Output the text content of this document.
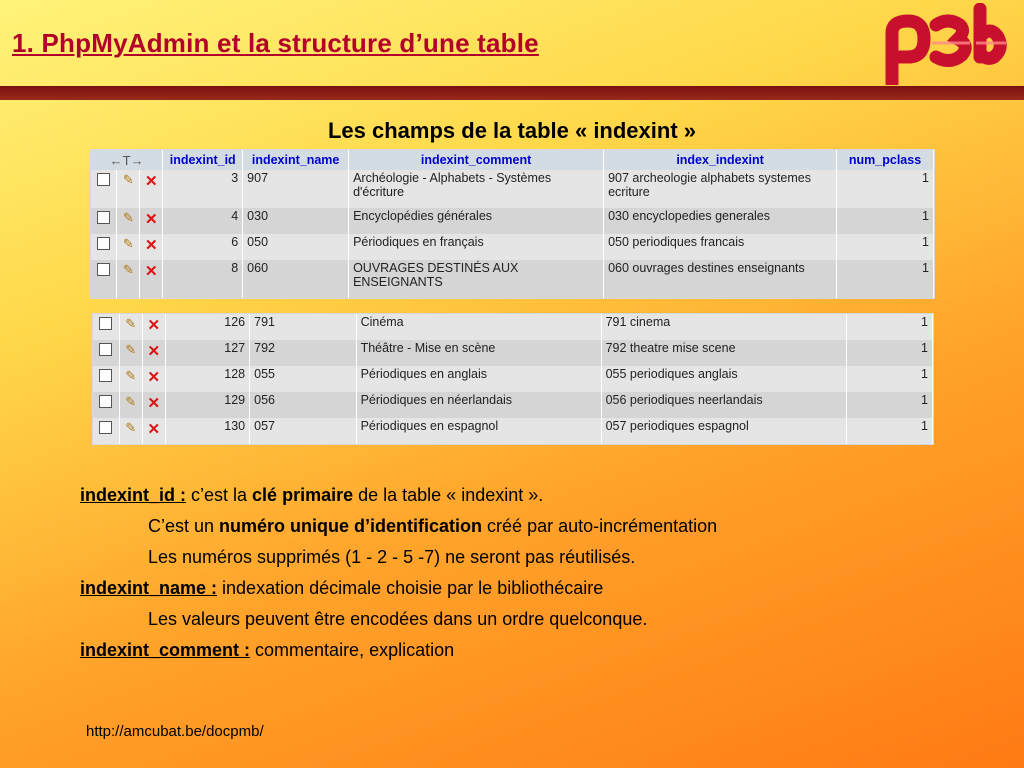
1. PhpMyAdmin et la structure d’une table
Les champs de la table « indexint »
←T→			indexint_id	indexint_name	indexint_comment	index_indexint	num_pclass
	✎	✕	3	907	Archéologie - Alphabets - Systèmes d'écriture	907 archeologie alphabets systemes ecriture	1
	✎	✕	4	030	Encyclopédies générales	030 encyclopedies generales	1
	✎	✕	6	050	Périodiques en français	050 periodiques francais	1
	✎	✕	8	060	OUVRAGES DESTINÉS AUX ENSEIGNANTS	060 ouvrages destines enseignants	1
	✎	✕	126	791	Cinéma	791 cinema	1
	✎	✕	127	792	Théâtre - Mise en scène	792 theatre mise scene	1
	✎	✕	128	055	Périodiques en anglais	055 periodiques anglais	1
	✎	✕	129	056	Périodiques en néerlandais	056 periodiques neerlandais	1
	✎	✕	130	057	Périodiques en espagnol	057 periodiques espagnol	1
indexint_id : c’est la clé primaire de la table « indexint ».
C’est un numéro unique d’identification créé par auto-incrémentation
Les numéros supprimés (1 - 2 - 5 -7) ne seront pas réutilisés.
indexint_name : indexation décimale choisie par le bibliothécaire
Les valeurs peuvent être encodées dans un ordre quelconque.
indexint_comment : commentaire, explication
http://amcubat.be/docpmb/
